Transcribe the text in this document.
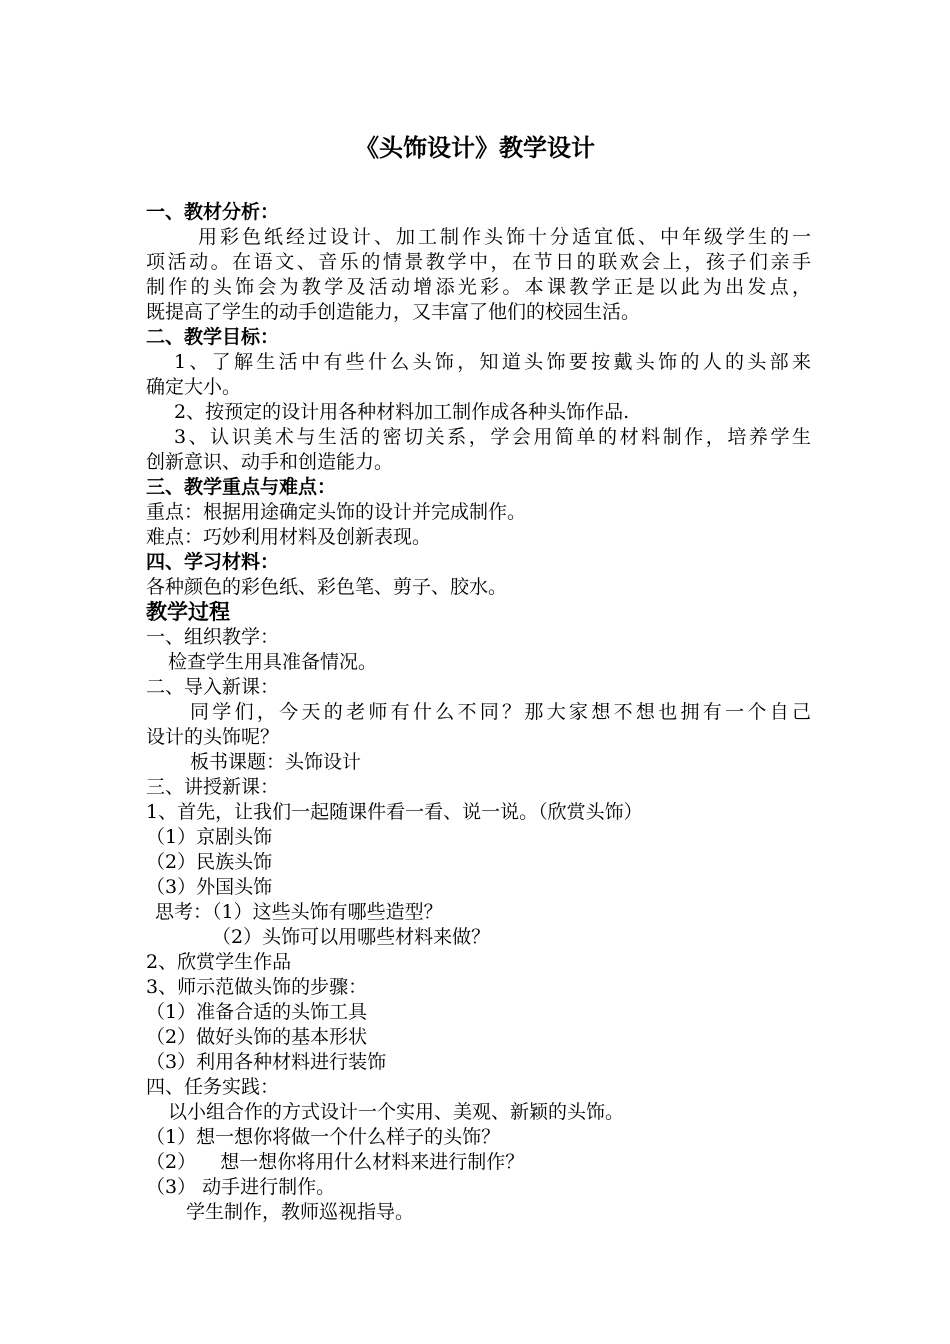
《头饰设计》教学设计
一、教材分析：
用彩色纸经过设计、加工制作头饰十分适宜低、中年级学生的一
项活动。在语文、音乐的情景教学中，在节日的联欢会上，孩子们亲手
制作的头饰会为教学及活动增添光彩。本课教学正是以此为出发点，
既提高了学生的动手创造能力，又丰富了他们的校园生活。
二、教学目标：
1、了解生活中有些什么头饰，知道头饰要按戴头饰的人的头部来
确定大小。
2、按预定的设计用各种材料加工制作成各种头饰作品.
3、认识美术与生活的密切关系，学会用简单的材料制作，培养学生
创新意识、动手和创造能力。
三、教学重点与难点：
重点：根据用途确定头饰的设计并完成制作。
难点：巧妙利用材料及创新表现。
四、学习材料：
各种颜色的彩色纸、彩色笔、剪子、胶水。
教学过程
一、组织教学：
检查学生用具准备情况。
二、导入新课：
同学们，今天的老师有什么不同？那大家想不想也拥有一个自己
设计的头饰呢？
板书课题：头饰设计
三、讲授新课：
1、首先，让我们一起随课件看一看、说一说。（欣赏头饰）
（1）京剧头饰
（2）民族头饰
（3）外国头饰
思考：（1）这些头饰有哪些造型？
（2）头饰可以用哪些材料来做？
2、欣赏学生作品
3、师示范做头饰的步骤：
（1）准备合适的头饰工具
（2）做好头饰的基本形状
（3）利用各种材料进行装饰
四、任务实践：
以小组合作的方式设计一个实用、美观、新颖的头饰。
（1）想一想你将做一个什么样子的头饰？
（2）    想一想你将用什么材料来进行制作？
（3） 动手进行制作。
学生制作，教师巡视指导。
